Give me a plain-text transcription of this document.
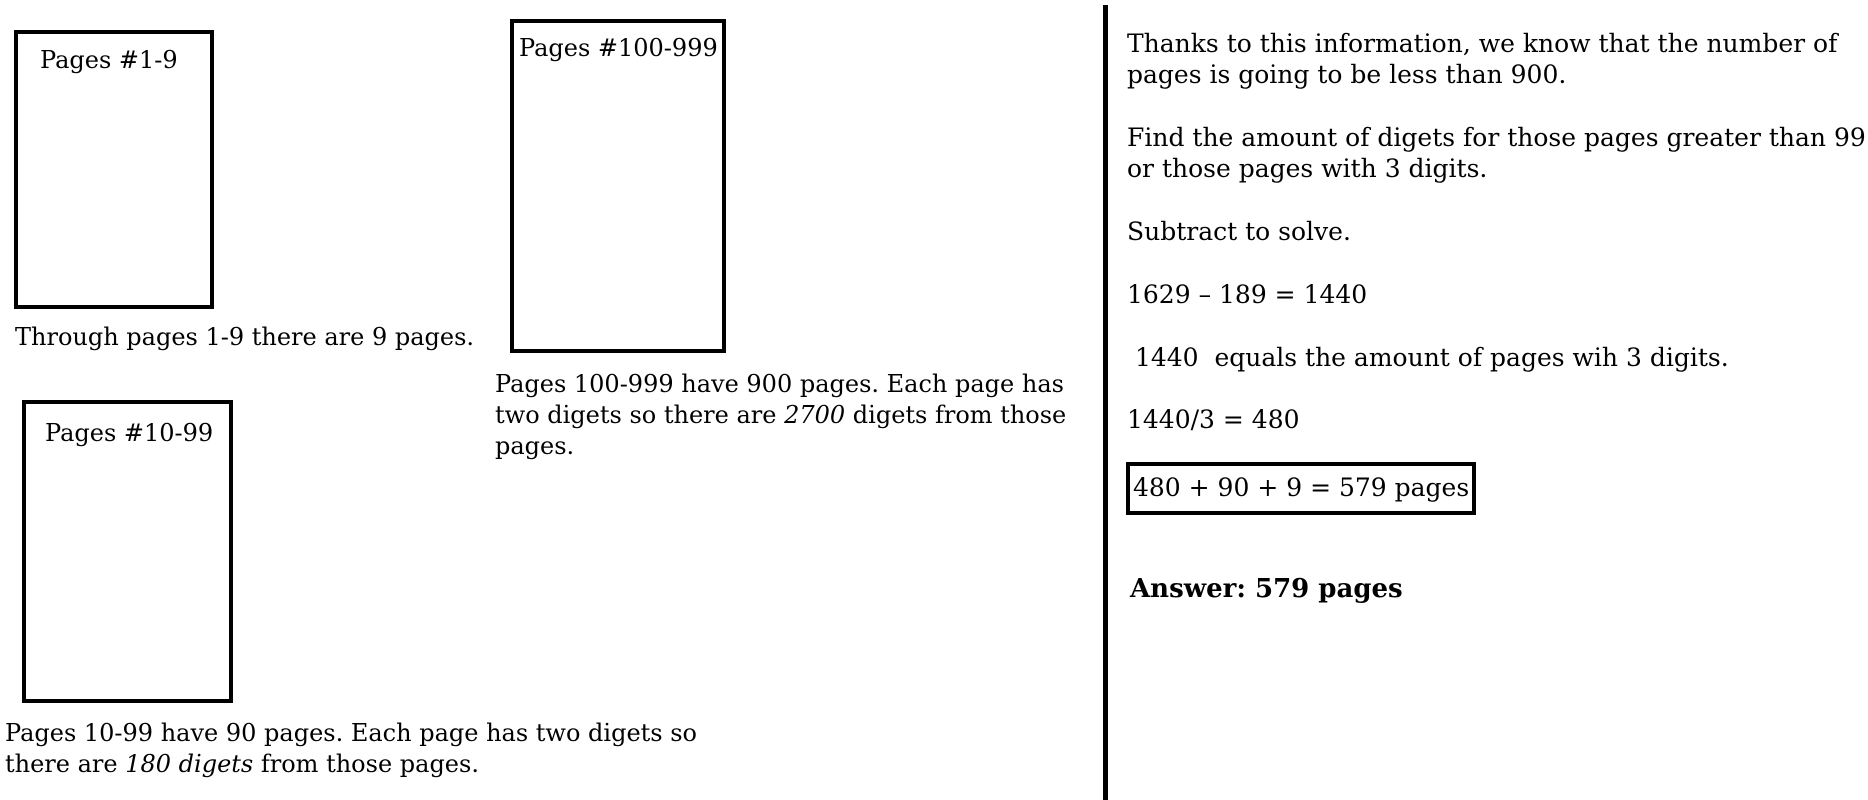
Pages #1-9
Through pages 1-9 there are 9 pages.
Pages #10-99
Pages 10-99 have 90 pages. Each page has two digets so
there are 180 digets from those pages.
Pages #100-999
Pages 100-999 have 900 pages. Each page has
two digets so there are 2700 digets from those
pages.
Thanks to this information, we know that the number of
pages is going to be less than 900.
Find the amount of digets for those pages greater than 99
or those pages with 3 digits.
Subtract to solve.
1629 – 189 = 1440
1440  equals the amount of pages wih 3 digits.
1440/3 = 480
480 + 90 + 9 = 579 pages
Answer: 579 pages
